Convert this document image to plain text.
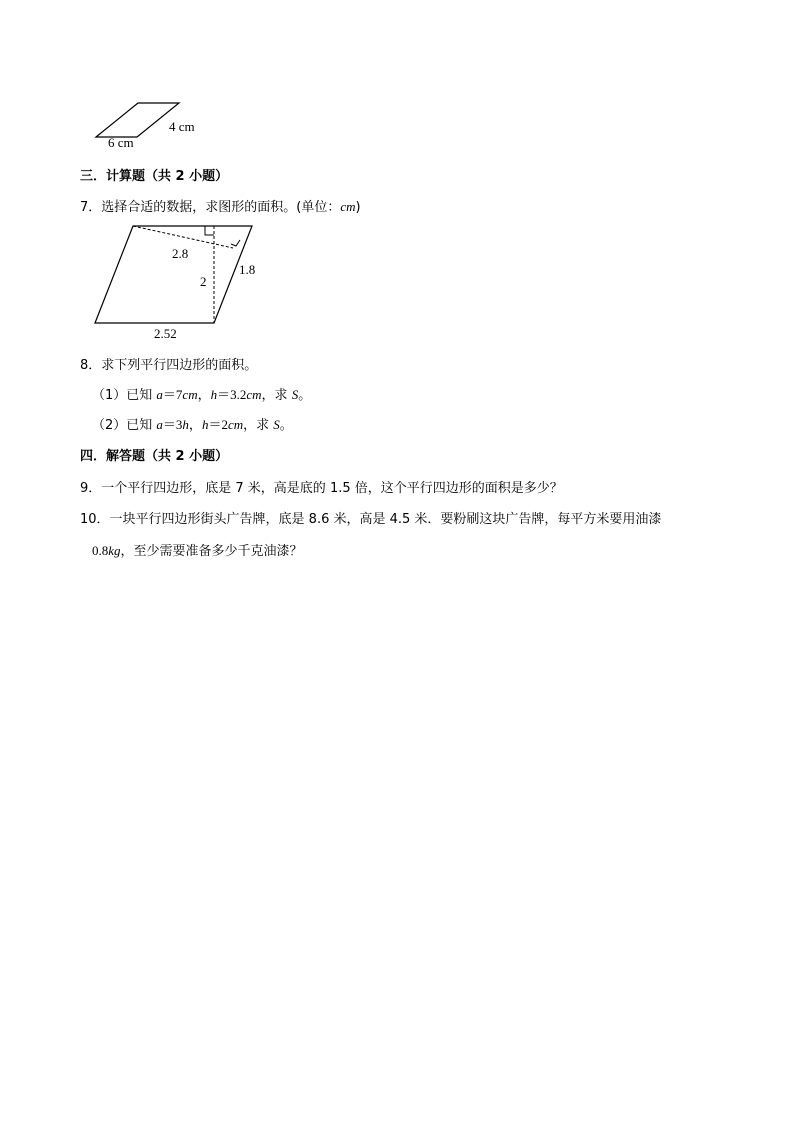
4 cm
6 cm
三．计算题（共 2 小题）
7．选择合适的数据，求图形的面积。(单位：cm)
2.8
2
1.8
2.52
8．求下列平行四边形的面积。
（1）已知 a＝7cm，h＝3.2cm，求 S。
（2）已知 a＝3h，h＝2cm，求 S。
四．解答题（共 2 小题）
9．一个平行四边形，底是 7 米，高是底的 1.5 倍，这个平行四边形的面积是多少？
10．一块平行四边形街头广告牌，底是 8.6 米，高是 4.5 米．要粉刷这块广告牌，每平方米要用油漆
0.8kg，至少需要准备多少千克油漆？
